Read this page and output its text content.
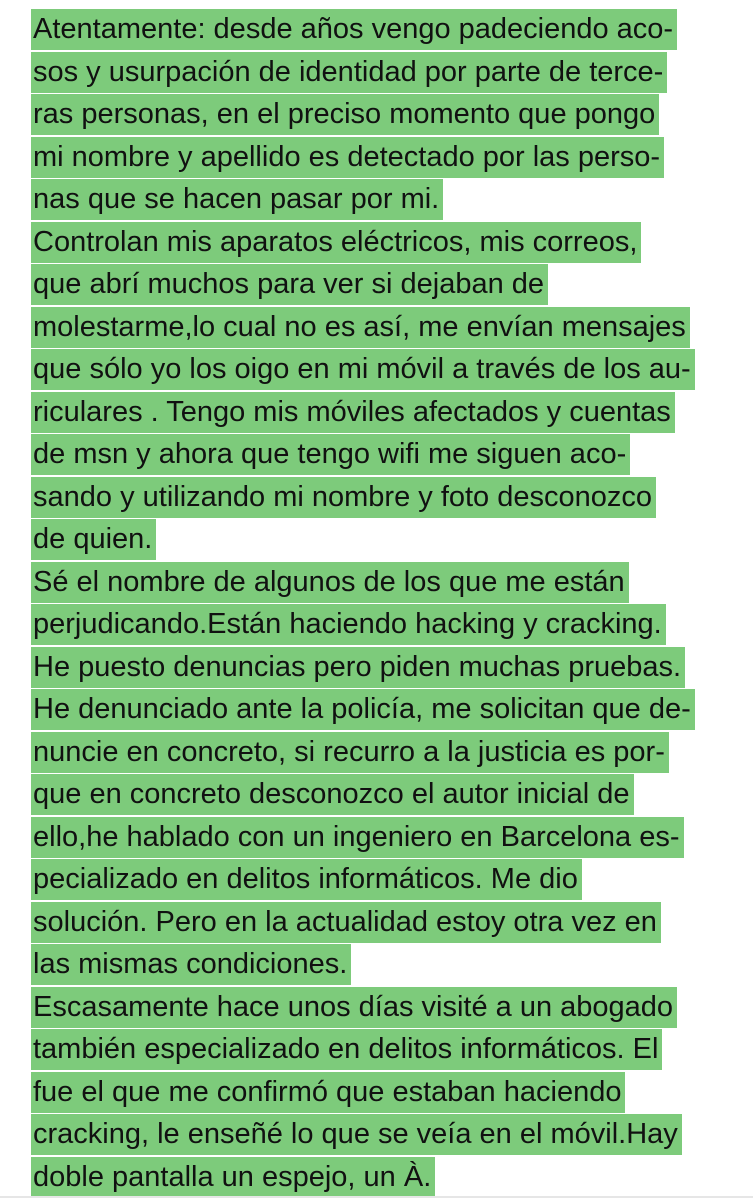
Atentamente: desde años vengo padeciendo aco-
sos y usurpación de identidad por parte de terce-
ras personas, en el preciso momento que pongo
mi nombre y apellido es detectado por las perso-
nas que se hacen pasar por mi.
Controlan mis aparatos eléctricos, mis correos,
que abrí muchos para ver si dejaban de
molestarme,lo cual no es así, me envían mensajes
que sólo yo los oigo en mi móvil a través de los au-
riculares . Tengo mis móviles afectados y cuentas
de msn y ahora que tengo wifi me siguen aco-
sando y utilizando mi nombre y foto desconozco
de quien.
Sé el nombre de algunos de los que me están
perjudicando.Están haciendo hacking y cracking.
He puesto denuncias pero piden muchas pruebas.
He denunciado ante la policía, me solicitan que de-
nuncie en concreto, si recurro a la justicia es por-
que en concreto desconozco el autor inicial de
ello,he hablado con un ingeniero en Barcelona es-
pecializado en delitos informáticos. Me dio
solución. Pero en la actualidad estoy otra vez en
las mismas condiciones.
Escasamente hace unos días visité a un abogado
también especializado en delitos informáticos. El
fue el que me confirmó que estaban haciendo
cracking, le enseñé lo que se veía en el móvil.Hay
doble pantalla un espejo, un À.
